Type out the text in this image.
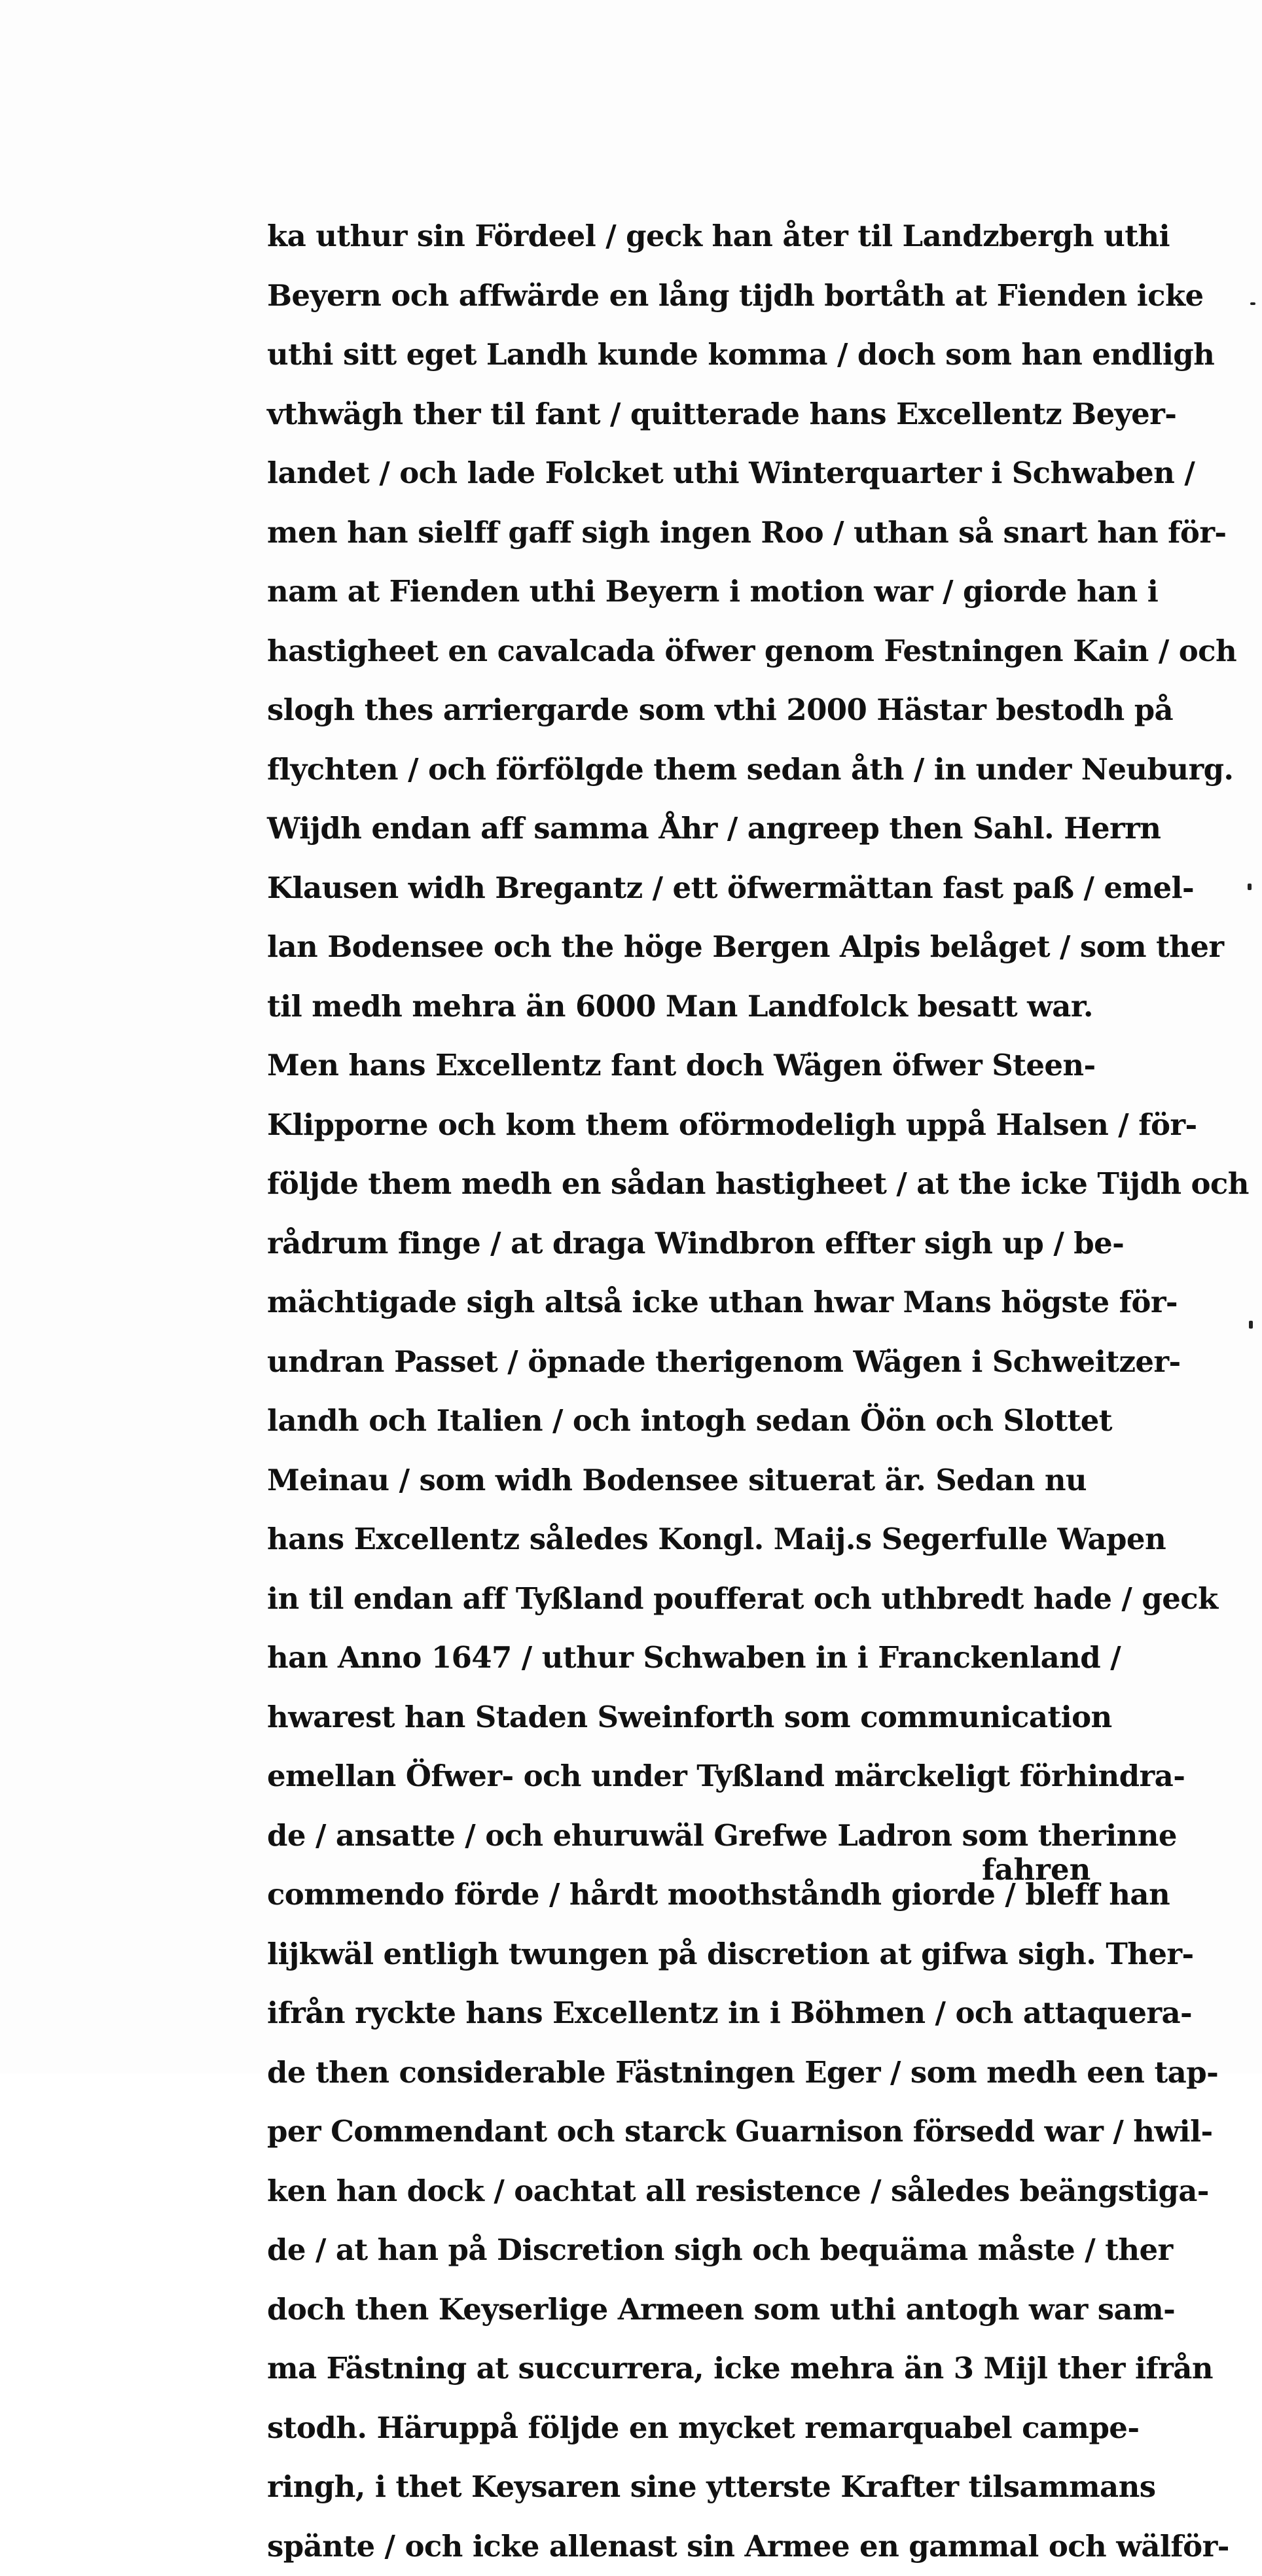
ka uthur sin Fördeel / geck han åter til Landzbergh uthi
Beyern och affwärde en lång tijdh bortåth at Fienden icke
uthi sitt eget Landh kunde komma / doch som han endligh
vthwägh ther til fant / quitterade hans Excellentz Beyer-
landet / och lade Folcket uthi Winterquarter i Schwaben /
men han sielff gaff sigh ingen Roo / uthan så snart han för-
nam at Fienden uthi Beyern i motion war / giorde han i
hastigheet en cavalcada öfwer genom Festningen Kain / och
slogh thes arriergarde som vthi 2000 Hästar bestodh på
flychten / och förfölgde them sedan åth / in under Neuburg.
Wijdh endan aff samma Åhr / angreep then Sahl. Herrn
Klausen widh Bregantz / ett öfwermättan fast paß / emel-
lan Bodensee och the höge Bergen Alpis belåget / som ther
til medh mehra än 6000 Man Landfolck besatt war.
Men hans Excellentz fant doch Wägen öfwer Steen-
Klipporne och kom them oförmodeligh uppå Halsen / för-
följde them medh en sådan hastigheet / at the icke Tijdh och
rådrum finge / at draga Windbron effter sigh up / be-
mächtigade sigh altså icke uthan hwar Mans högste för-
undran Passet / öpnade therigenom Wägen i Schweitzer-
landh och Italien / och intogh sedan Öön och Slottet
Meinau / som widh Bodensee situerat är. Sedan nu
hans Excellentz således Kongl. Maij.s Segerfulle Wapen
in til endan aff Tyßland poufferat och uthbredt hade / geck
han Anno 1647 / uthur Schwaben in i Franckenland /
hwarest han Staden Sweinforth som communication
emellan Öfwer- och under Tyßland märckeligt förhindra-
de / ansatte / och ehuruwäl Grefwe Ladron som therinne
commendo förde / hårdt moothståndh giorde / bleff han
lijkwäl entligh twungen på discretion at gifwa sigh. Ther-
ifrån ryckte hans Excellentz in i Böhmen / och attaquera-
de then considerable Fästningen Eger / som medh een tap-
per Commendant och starck Guarnison försedd war / hwil-
ken han dock / oachtat all resistence / således beängstiga-
de / at han på Discretion sigh och bequäma måste / ther
doch then Keyserlige Armeen som uthi antogh war sam-
ma Fästning at succurrera, icke mehra än 3 Mijl ther ifrån
stodh. Häruppå följde en mycket remarquabel campe-
ringh, i thet Keysaren sine ytterste Krafter tilsammans
spänte / och icke allenast sin Armee en gammal och wälför-
fahren
